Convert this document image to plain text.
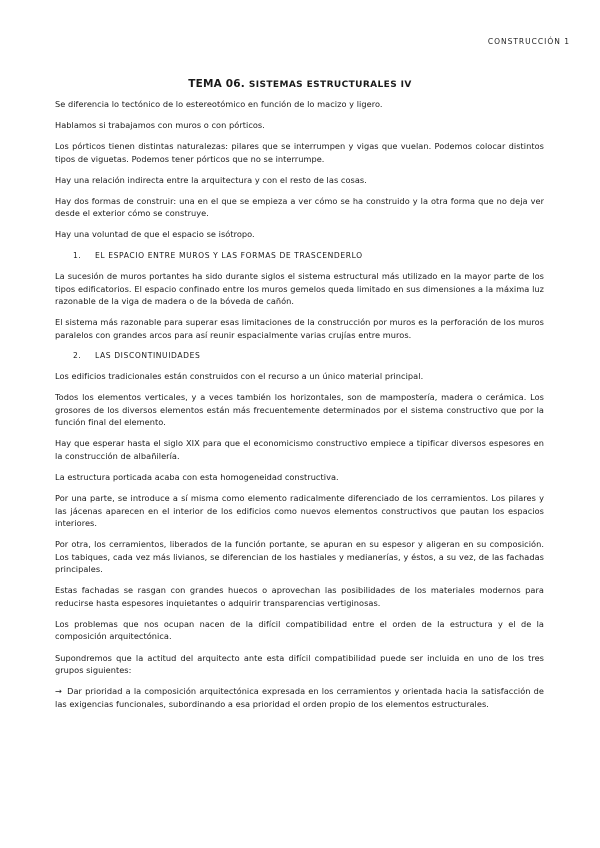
CONSTRUCCIÓN 1
TEMA 06. SISTEMAS ESTRUCTURALES IV

Se diferencia lo tectónico de lo estereotómico en función de lo macizo y ligero.

Hablamos si trabajamos con muros o con pórticos.

Los pórticos tienen distintas naturalezas: pilares que se interrumpen y vigas que vuelan. Podemos colocar distintos tipos de viguetas. Podemos tener pórticos que no se interrumpe.

Hay una relación indirecta entre la arquitectura y con el resto de las cosas.

Hay dos formas de construir: una en el que se empieza a ver cómo se ha construido y la otra forma que no deja ver desde el exterior cómo se construye.

Hay una voluntad de que el espacio se isótropo.

1. EL ESPACIO ENTRE MUROS Y LAS FORMAS DE TRASCENDERLO

La sucesión de muros portantes ha sido durante siglos el sistema estructural más utilizado en la mayor parte de los tipos edificatorios. El espacio confinado entre los muros gemelos queda limitado en sus dimensiones a la máxima luz razonable de la viga de madera o de la bóveda de cañón.

El sistema más razonable para superar esas limitaciones de la construcción por muros es la perforación de los muros paralelos con grandes arcos para así reunir espacialmente varias crujías entre muros.

2. LAS DISCONTINUIDADES

Los edificios tradicionales están construidos con el recurso a un único material principal.

Todos los elementos verticales, y a veces también los horizontales, son de mampostería, madera o cerámica. Los grosores de los diversos elementos están más frecuentemente determinados por el sistema constructivo que por la función final del elemento.

Hay que esperar hasta el siglo XIX para que el economicismo constructivo empiece a tipificar diversos espesores en la construcción de albañilería.

La estructura porticada acaba con esta homogeneidad constructiva.

Por una parte, se introduce a sí misma como elemento radicalmente diferenciado de los cerramientos. Los pilares y las jácenas aparecen en el interior de los edificios como nuevos elementos constructivos que pautan los espacios interiores.

Por otra, los cerramientos, liberados de la función portante, se apuran en su espesor y aligeran en su composición. Los tabiques, cada vez más livianos, se diferencian de los hastiales y medianerías, y éstos, a su vez, de las fachadas principales.

Estas fachadas se rasgan con grandes huecos o aprovechan las posibilidades de los materiales modernos para reducirse hasta espesores inquietantes o adquirir transparencias vertiginosas.

Los problemas que nos ocupan nacen de la difícil compatibilidad entre el orden de la estructura y el de la composición arquitectónica.

Supondremos que la actitud del arquitecto ante esta difícil compatibilidad puede ser incluida en uno de los tres grupos siguientes:

→ Dar prioridad a la composición arquitectónica expresada en los cerramientos y orientada hacia la satisfacción de las exigencias funcionales, subordinando a esa prioridad el orden propio de los elementos estructurales.
